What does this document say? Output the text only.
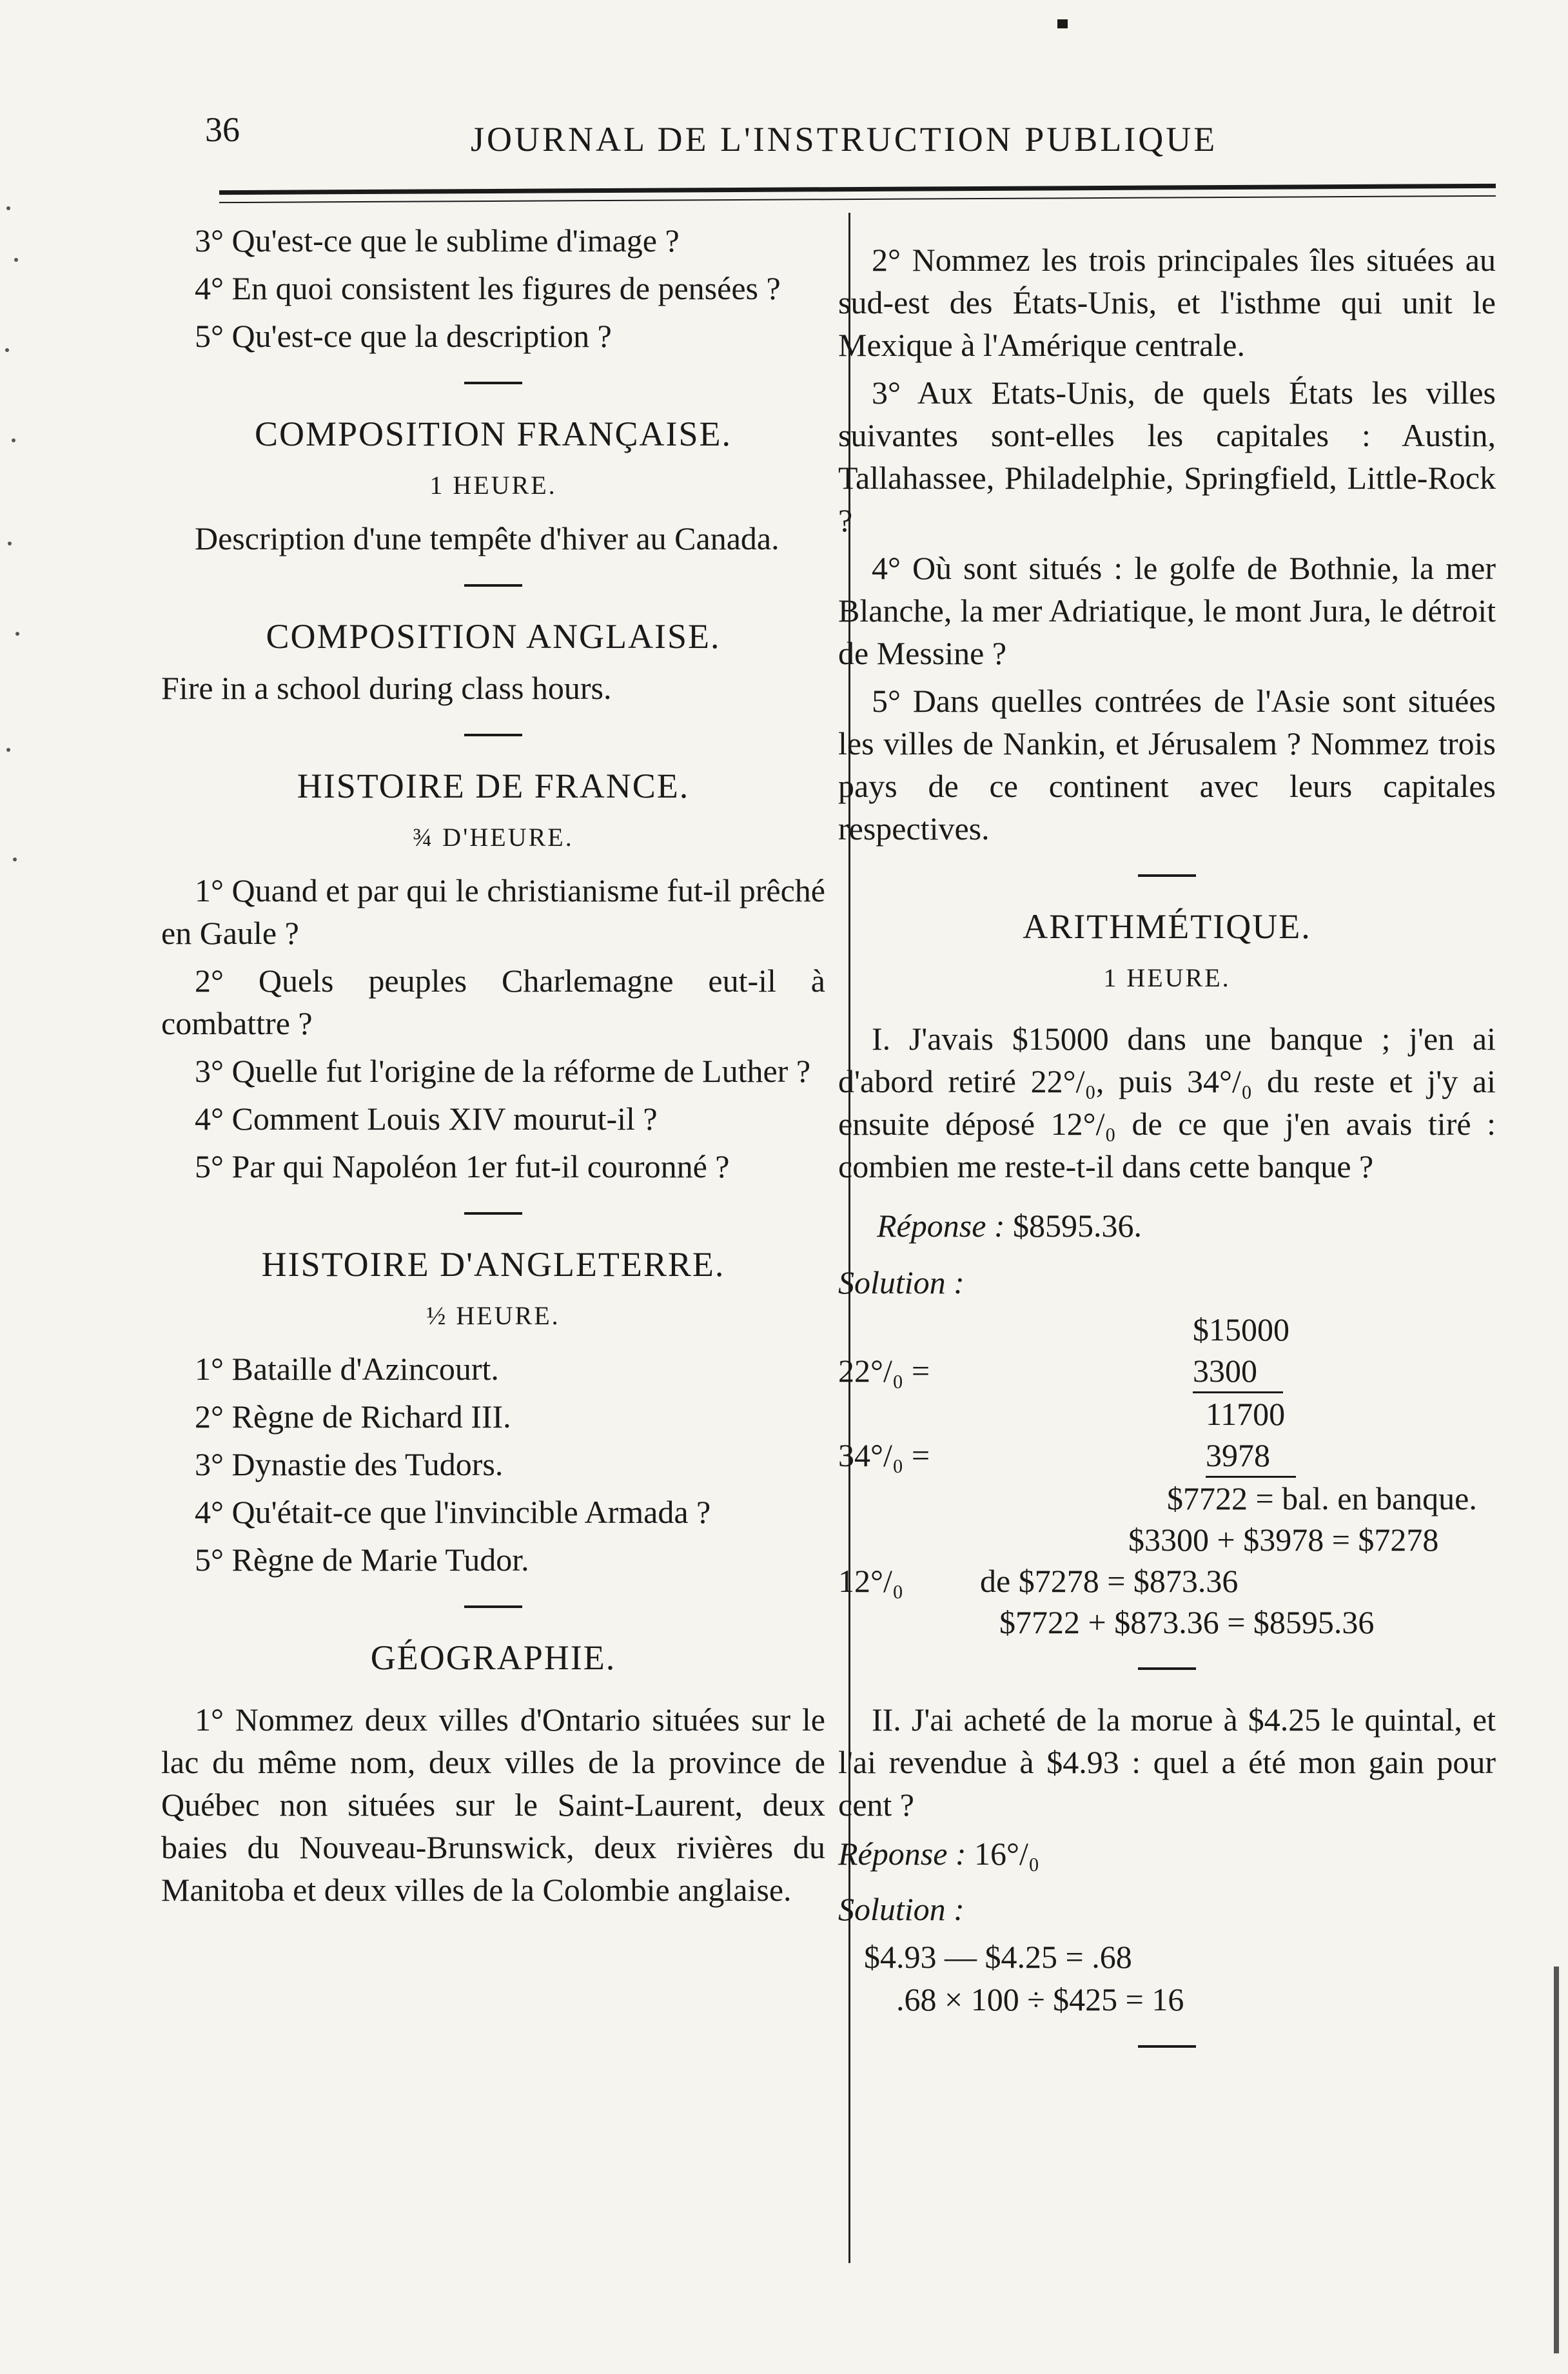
36	JOURNAL DE L'INSTRUCTION PUBLIQUE

3° Qu'est-ce que le sublime d'image ?

4° En quoi consistent les figures de pensées ?

5° Qu'est-ce que la description ?

COMPOSITION FRANÇAISE.
1 HEURE.

Description d'une tempête d'hiver au Canada.

COMPOSITION ANGLAISE.

Fire in a school during class hours.

HISTOIRE DE FRANCE.
¾ D'HEURE.

1° Quand et par qui le christianisme fut-il prêché en Gaule ?

2° Quels peuples Charlemagne eut-il à combattre ?

3° Quelle fut l'origine de la réforme de Luther ?

4° Comment Louis XIV mourut-il ?

5° Par qui Napoléon 1er fut-il couronné ?

HISTOIRE D'ANGLETERRE.
½ HEURE.

1° Bataille d'Azincourt.

2° Règne de Richard III.

3° Dynastie des Tudors.

4° Qu'était-ce que l'invincible Armada ?

5° Règne de Marie Tudor.

GÉOGRAPHIE.

1° Nommez deux villes d'Ontario situées sur le lac du même nom, deux villes de la province de Québec non situées sur le Saint-Laurent, deux baies du Nouveau-Brunswick, deux rivières du Manitoba et deux villes de la Colombie anglaise.

2° Nommez les trois principales îles situées au sud-est des États-Unis, et l'isthme qui unit le Mexique à l'Amérique centrale.

3° Aux Etats-Unis, de quels États les villes suivantes sont-elles les capitales : Austin, Tallahassee, Philadelphie, Springfield, Little-Rock ?

4° Où sont situés : le golfe de Bothnie, la mer Blanche, la mer Adriatique, le mont Jura, le détroit de Messine ?

5° Dans quelles contrées de l'Asie sont situées les villes de Nankin, et Jérusalem ? Nommez trois pays de ce continent avec leurs capitales respectives.

ARITHMÉTIQUE.
1 HEURE.

I. J'avais $15000 dans une banque ; j'en ai d'abord retiré 22°/₀, puis 34°/₀ du reste et j'y ai ensuite déposé 12°/₀ de ce que j'en avais tiré : combien me reste-t-il dans cette banque ?

Réponse : $8595.36.

Solution :

$15000
22°/₀ =	3300
11700
34°/₀ =	3978
$7722 = bal. en banque.
$3300 + $3978 = $7278
12°/₀	de $7278 = $873.36
$7722 + $873.36 = $8595.36

II. J'ai acheté de la morue à $4.25 le quintal, et l'ai revendue à $4.93 : quel a été mon gain pour cent ?

Réponse : 16°/₀

Solution :

$4.93 — $4.25 = .68

.68 × 100 ÷ $425 = 16
